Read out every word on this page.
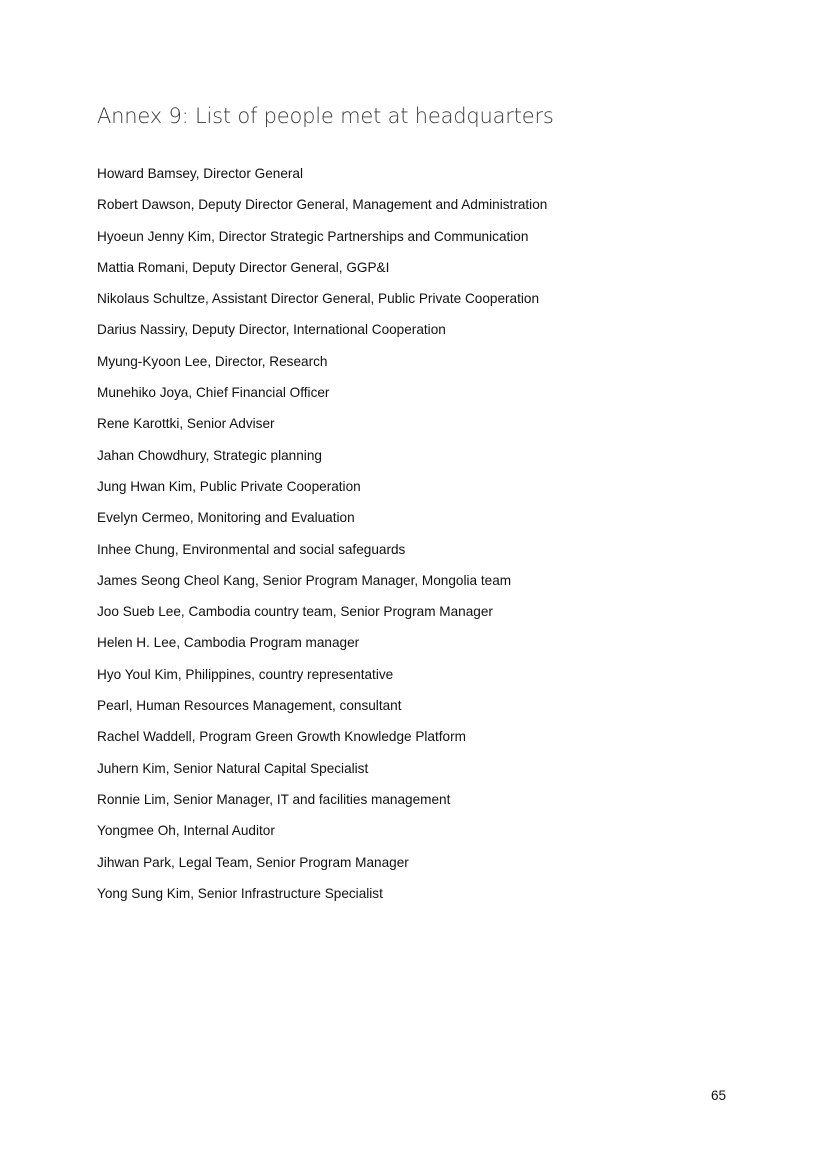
Annex 9: List of people met at headquarters
Howard Bamsey, Director General
Robert Dawson, Deputy Director General, Management and Administration
Hyoeun Jenny Kim, Director Strategic Partnerships and Communication
Mattia Romani, Deputy Director General, GGP&I
Nikolaus Schultze, Assistant Director General, Public Private Cooperation
Darius Nassiry, Deputy Director, International Cooperation
Myung-Kyoon Lee, Director, Research
Munehiko Joya, Chief Financial Officer
Rene Karottki, Senior Adviser
Jahan Chowdhury, Strategic planning
Jung Hwan Kim, Public Private Cooperation
Evelyn Cermeo, Monitoring and Evaluation
Inhee Chung, Environmental and social safeguards
James Seong Cheol Kang, Senior Program Manager, Mongolia team
Joo Sueb Lee, Cambodia country team, Senior Program Manager
Helen H. Lee, Cambodia Program manager
Hyo Youl Kim, Philippines, country representative
Pearl, Human Resources Management, consultant
Rachel Waddell, Program Green Growth Knowledge Platform
Juhern Kim, Senior Natural Capital Specialist
Ronnie Lim, Senior Manager, IT and facilities management
Yongmee Oh, Internal Auditor
Jihwan Park, Legal Team, Senior Program Manager
Yong Sung Kim, Senior Infrastructure Specialist
65
